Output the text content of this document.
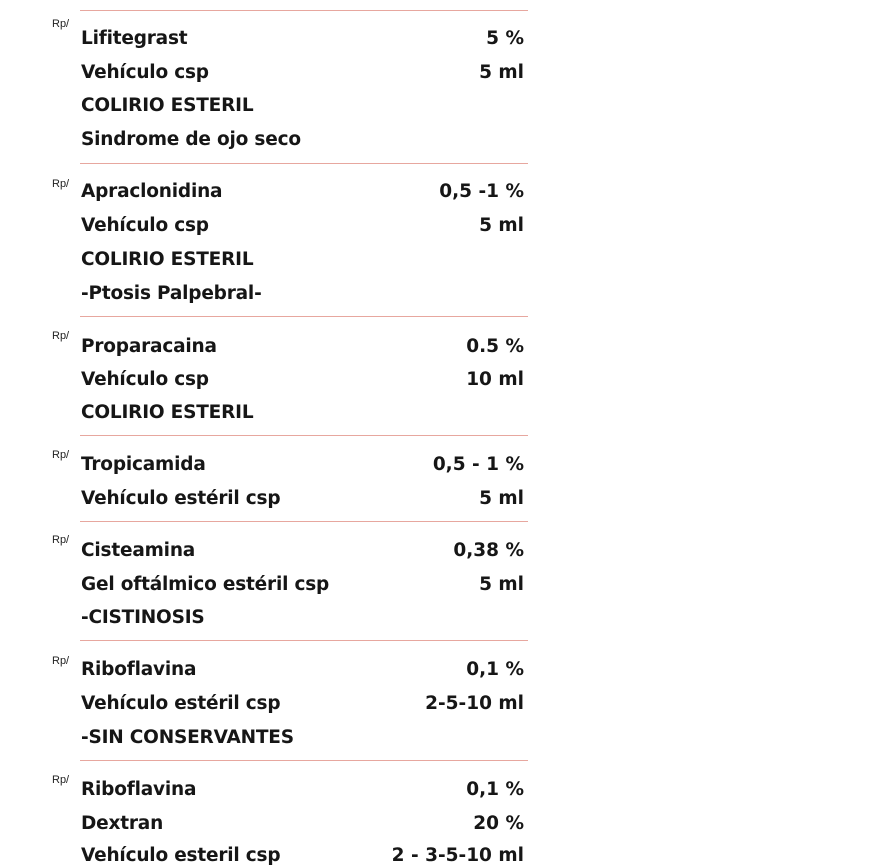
Rp/
Lifitegrast	5 %
Vehículo csp	5 ml
COLIRIO ESTERIL
Sindrome de ojo seco
Rp/ Apraclonidina	0,5 -1 %
Vehículo csp	5 ml
COLIRIO ESTERIL
-Ptosis Palpebral-
Rp/ Proparacaina	0.5 %
Vehículo csp	10 ml
COLIRIO ESTERIL
Rp/ Tropicamida	0,5 - 1 %
Vehículo estéril csp	5 ml
Rp/ Cisteamina	0,38 %
Gel oftálmico estéril csp	5 ml
-CISTINOSIS
Rp/ Riboflavina	0,1 %
Vehículo estéril csp	2-5-10 ml
-SIN CONSERVANTES
Rp/ Riboflavina	0,1 %
Dextran	20 %
Vehículo esteril csp	2 - 3-5-10 ml
